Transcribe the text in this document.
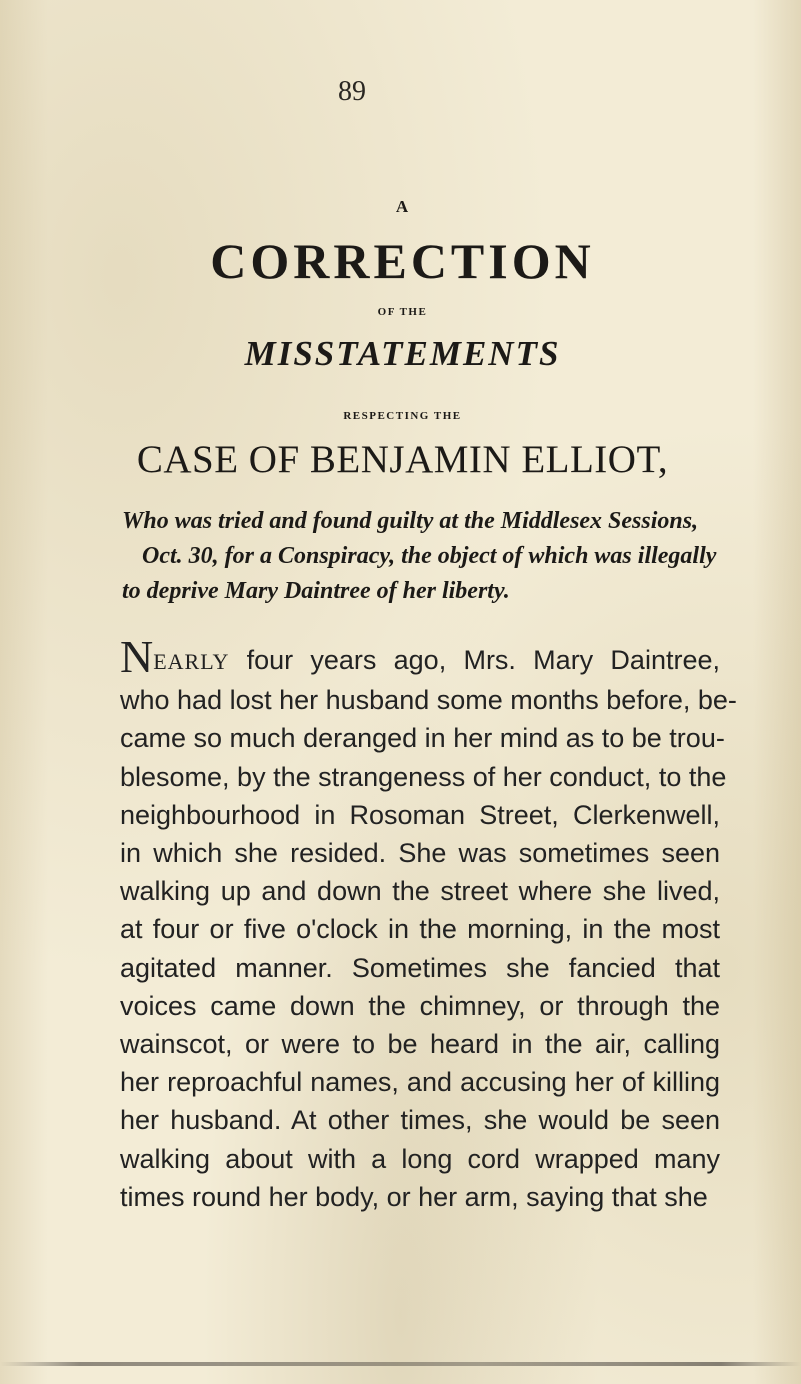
89
A
CORRECTION
OF THE
MISSTATEMENTS
RESPECTING THE
CASE OF BENJAMIN ELLIOT,
Who was tried and found guilty at the Middlesex Sessions,
Oct. 30, for a Conspiracy, the object of which was illegally
to deprive Mary Daintree of her liberty.
NEARLY four years ago, Mrs. Mary Daintree,
who had lost her husband some months before, be-
came so much deranged in her mind as to be trou-
blesome, by the strangeness of her conduct, to the
neighbourhood in Rosoman Street, Clerkenwell,
in which she resided. She was sometimes seen
walking up and down the street where she lived,
at four or five o'clock in the morning, in the most
agitated manner. Sometimes she fancied that
voices came down the chimney, or through the
wainscot, or were to be heard in the air, calling
her reproachful names, and accusing her of killing
her husband. At other times, she would be seen
walking about with a long cord wrapped many
times round her body, or her arm, saying that she
